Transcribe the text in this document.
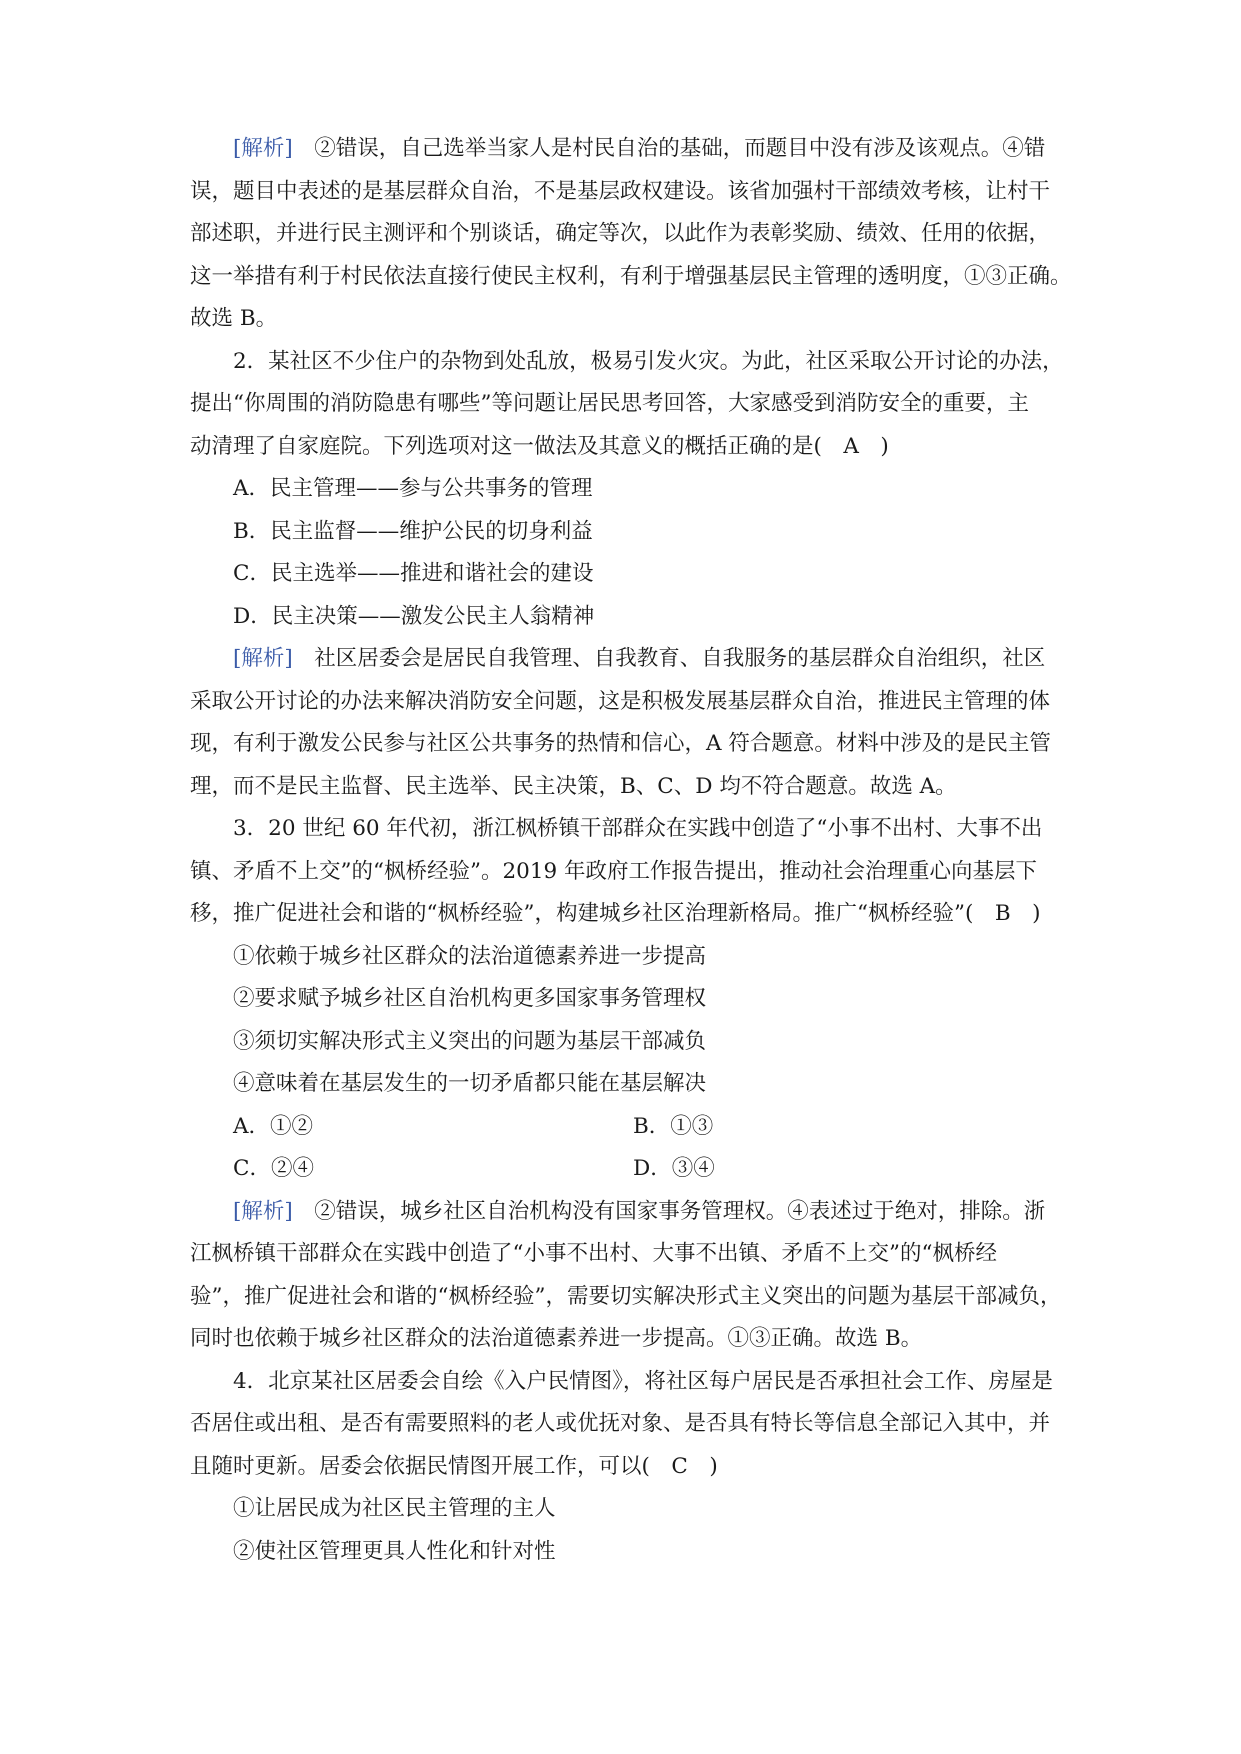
[解析]　 ②错误，自己选举当家人是村民自治的基础，而题目中没有涉及该观点。④错
误，题目中表述的是基层群众自治，不是基层政权建设。该省加强村干部绩效考核，让村干
部述职，并进行民主测评和个别谈话，确定等次，以此作为表彰奖励、绩效、任用的依据，
这一举措有利于村民依法直接行使民主权利，有利于增强基层民主管理的透明度，①③正确。
故选 B。
2．某社区不少住户的杂物到处乱放，极易引发火灾。为此，社区采取公开讨论的办法，
提出“你周围的消防隐患有哪些”等问题让居民思考回答，大家感受到消防安全的重要，主
动清理了自家庭院。下列选项对这一做法及其意义的概括正确的是(　A　)
A．民主管理——参与公共事务的管理
B．民主监督——维护公民的切身利益
C．民主选举——推进和谐社会的建设
D．民主决策——激发公民主人翁精神
[解析]　 社区居委会是居民自我管理、自我教育、自我服务的基层群众自治组织，社区
采取公开讨论的办法来解决消防安全问题，这是积极发展基层群众自治，推进民主管理的体
现，有利于激发公民参与社区公共事务的热情和信心，A 符合题意。材料中涉及的是民主管
理，而不是民主监督、民主选举、民主决策，B、C、D 均不符合题意。故选 A。
3．20 世纪 60 年代初，浙江枫桥镇干部群众在实践中创造了“小事不出村、大事不出
镇、矛盾不上交”的“枫桥经验”。2019 年政府工作报告提出，推动社会治理重心向基层下
移，推广促进社会和谐的“枫桥经验”，构建城乡社区治理新格局。推广“枫桥经验”(　B　)
①依赖于城乡社区群众的法治道德素养进一步提高
②要求赋予城乡社区自治机构更多国家事务管理权
③须切实解决形式主义突出的问题为基层干部减负
④意味着在基层发生的一切矛盾都只能在基层解决
A．①②	B．①③
C．②④	D．③④
[解析]　 ②错误，城乡社区自治机构没有国家事务管理权。④表述过于绝对，排除。浙
江枫桥镇干部群众在实践中创造了“小事不出村、大事不出镇、矛盾不上交”的“枫桥经
验”，推广促进社会和谐的“枫桥经验”，需要切实解决形式主义突出的问题为基层干部减负，
同时也依赖于城乡社区群众的法治道德素养进一步提高。①③正确。故选 B。
4．北京某社区居委会自绘《入户民情图》，将社区每户居民是否承担社会工作、房屋是
否居住或出租、是否有需要照料的老人或优抚对象、是否具有特长等信息全部记入其中，并
且随时更新。居委会依据民情图开展工作，可以(　C　)
①让居民成为社区民主管理的主人
②使社区管理更具人性化和针对性
